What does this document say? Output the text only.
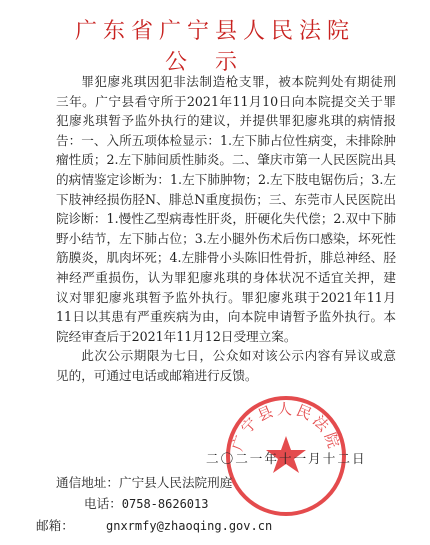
广东省广宁县人民法院
公示

罪犯廖兆琪因犯非法制造枪支罪，被本院判处有期徒刑三年。广宁县看守所于2021年11月10日向本院提交关于罪犯廖兆琪暂予监外执行的建议，并提供罪犯廖兆琪的病情报告：一、入所五项体检显示：1.左下肺占位性病变，未排除肿瘤性质；2.左下肺间质性肺炎。二、肇庆市第一人民医院出具的病情鉴定诊断为：1.左下肺肿物；2.左下肢电锯伤后；3.左下肢神经损伤胫N、腓总N重度损伤；三、东莞市人民医院出院诊断：1.慢性乙型病毒性肝炎，肝硬化失代偿；2.双中下肺野小结节，左下肺占位；3.左小腿外伤术后伤口感染，坏死性筋膜炎，肌肉坏死；4.左腓骨小头陈旧性骨折，腓总神经、胫神经严重损伤，认为罪犯廖兆琪的身体状况不适宜关押，建议对罪犯廖兆琪暂予监外执行。罪犯廖兆琪于2021年11月11日以其患有严重疾病为由，向本院申请暂予监外执行。本院经审查后于2021年11月12日受理立案。

此次公示期限为七日，公众如对该公示内容有异议或意见的，可通过电话或邮箱进行反馈。

广宁县人民法院
二〇二一年十一月十二日
通信地址：广宁县人民法院刑庭
电话：0758-8626013
邮箱：	gnxrmfy@zhaoqing.gov.cn
